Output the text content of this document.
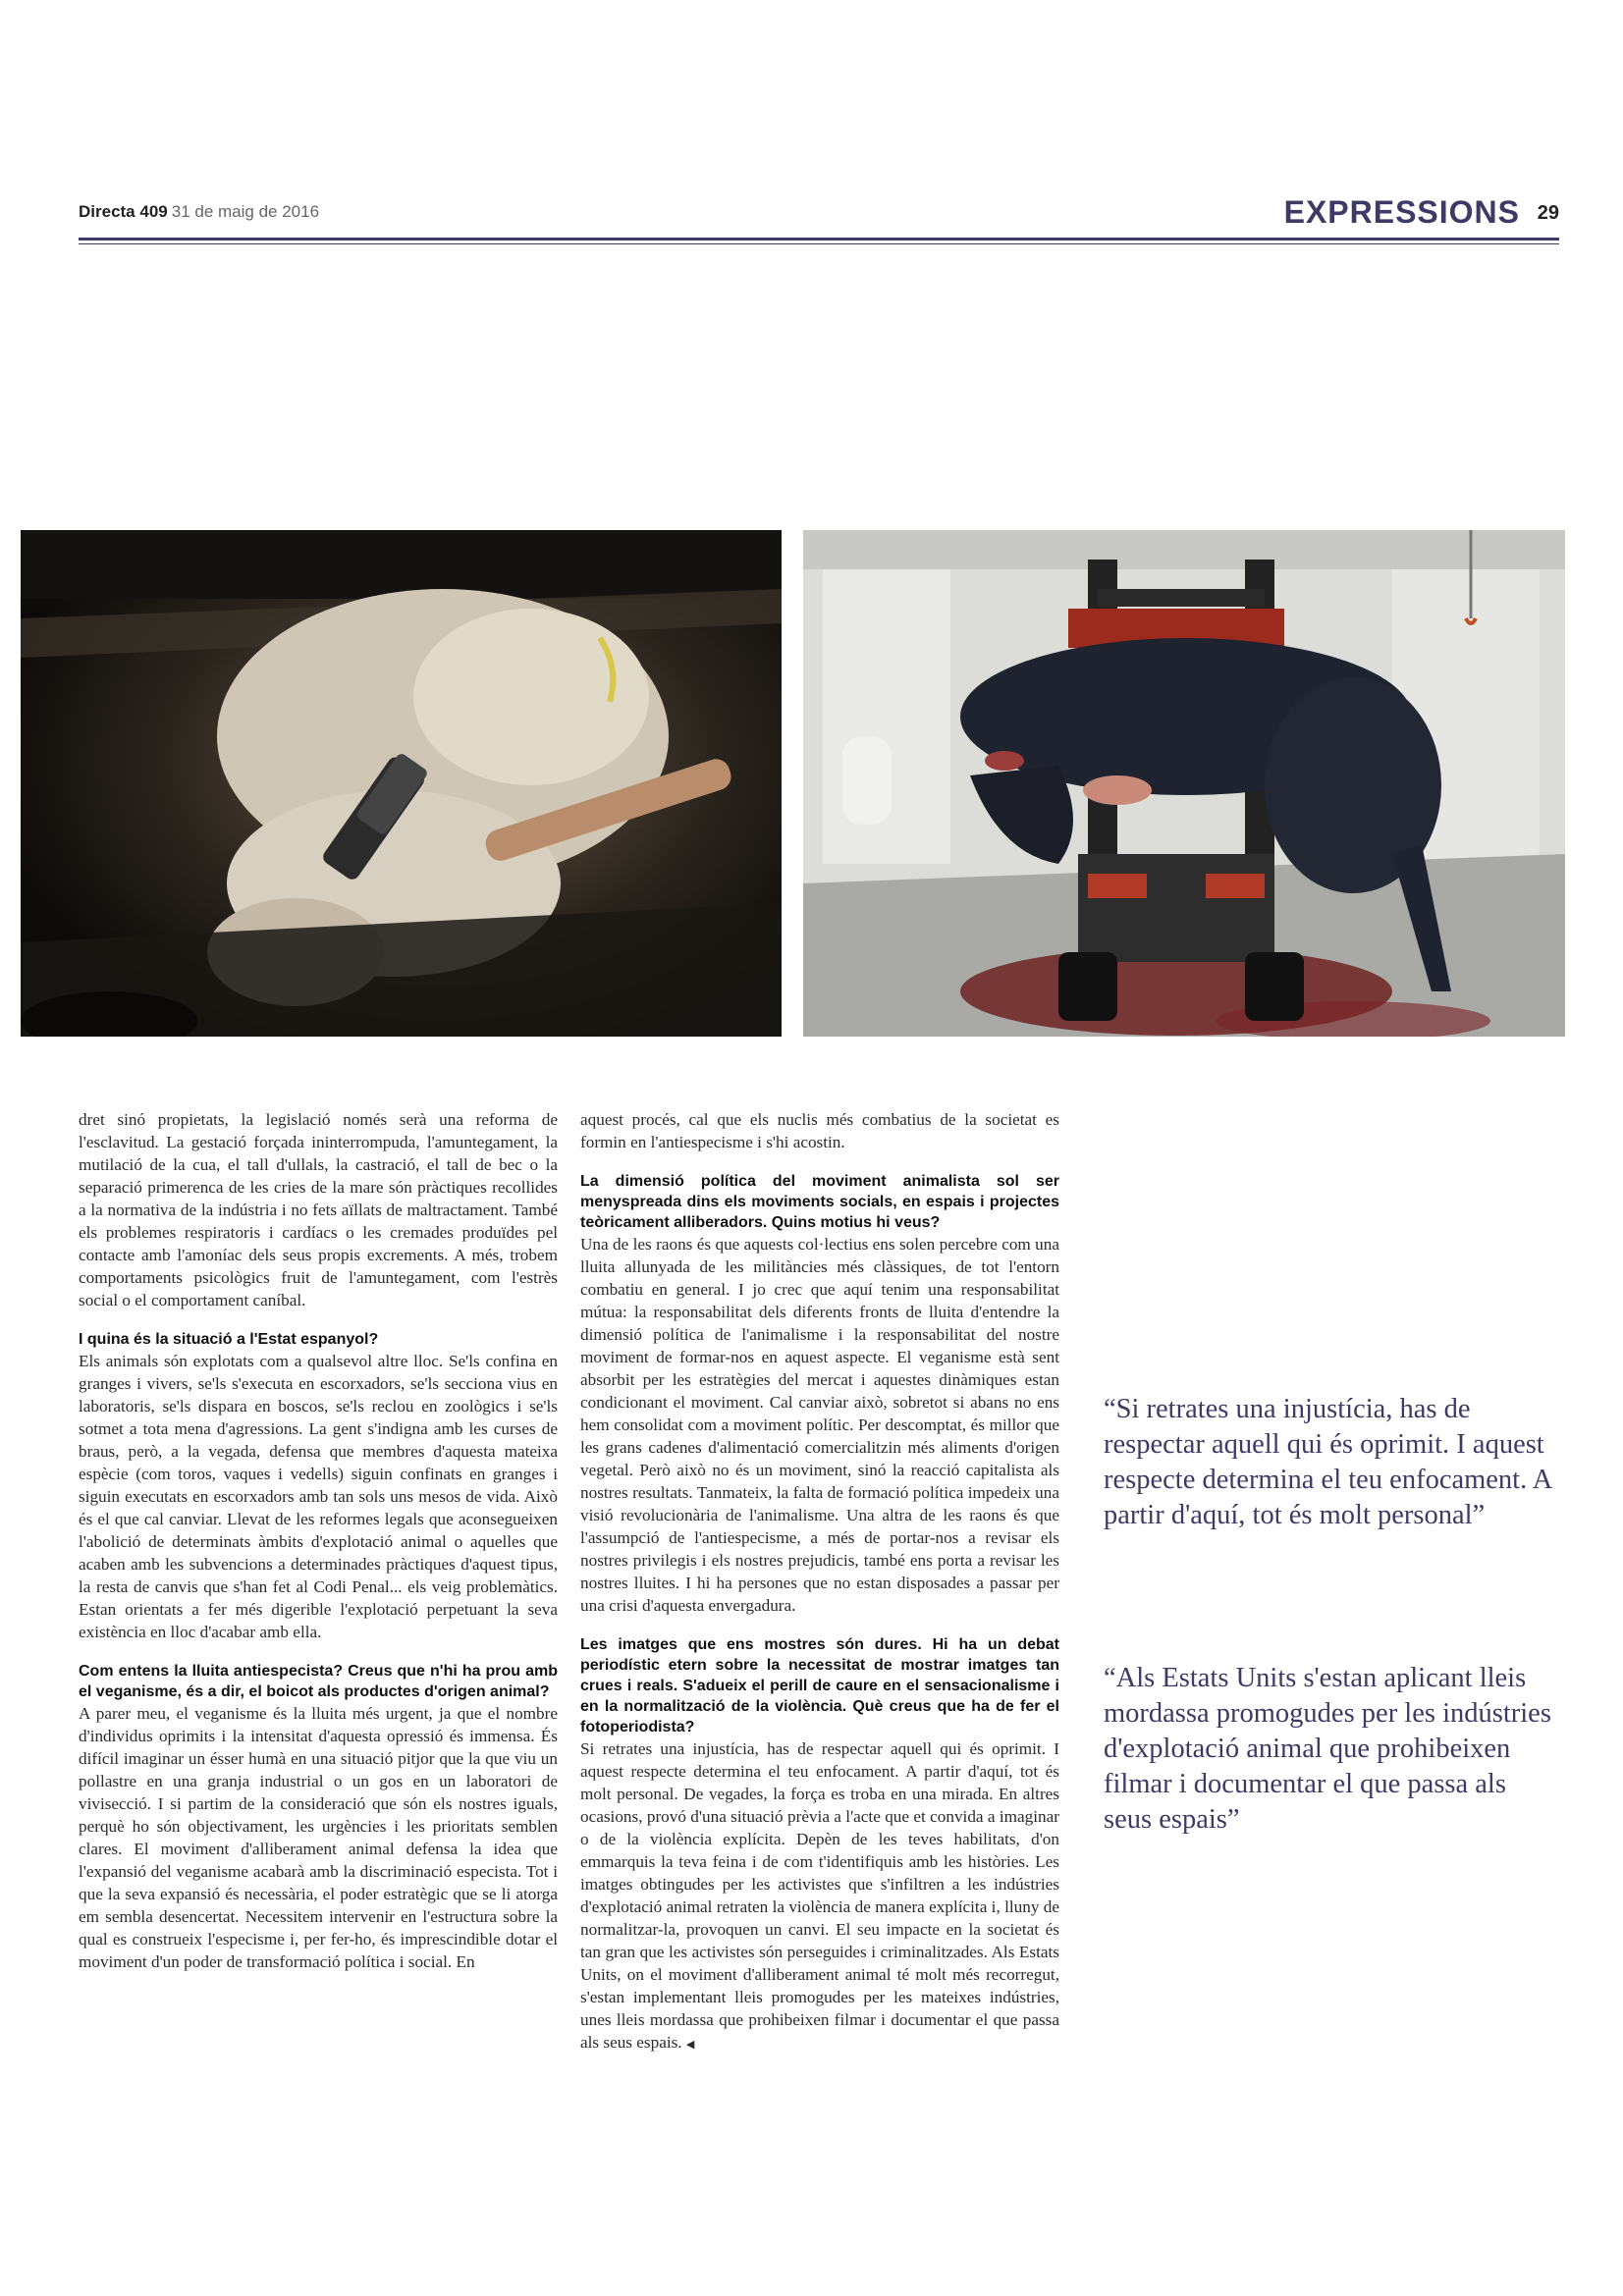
Directa 409 31 de maig de 2016	EXPRESSIONS 29

dret sinó propietats, la legislació només serà una reforma de l'esclavitud. La gestació forçada ininterrompuda, l'amuntegament, la mutilació de la cua, el tall d'ullals, la castració, el tall de bec o la separació primerenca de les cries de la mare són pràctiques recollides a la normativa de la indústria i no fets aïllats de maltractament. També els problemes respiratoris i cardíacs o les cremades produïdes pel contacte amb l'amoníac dels seus propis excrements. A més, trobem comportaments psicològics fruit de l'amuntegament, com l'estrès social o el comportament caníbal.

I quina és la situació a l'Estat espanyol?

Els animals són explotats com a qualsevol altre lloc. Se'ls confina en granges i vivers, se'ls s'executa en escorxadors, se'ls secciona vius en laboratoris, se'ls dispara en boscos, se'ls reclou en zoològics i se'ls sotmet a tota mena d'agressions. La gent s'indigna amb les curses de braus, però, a la vegada, defensa que membres d'aquesta mateixa espècie (com toros, vaques i vedells) siguin confinats en granges i siguin executats en escorxadors amb tan sols uns mesos de vida. Això és el que cal canviar. Llevat de les reformes legals que aconsegueixen l'abolició de determinats àmbits d'explotació animal o aquelles que acaben amb les subvencions a determinades pràctiques d'aquest tipus, la resta de canvis que s'han fet al Codi Penal... els veig problemàtics. Estan orientats a fer més digerible l'explotació perpetuant la seva existència en lloc d'acabar amb ella.

Com entens la lluita antiespecista? Creus que n'hi ha prou amb el veganisme, és a dir, el boicot als productes d'origen animal?

A parer meu, el veganisme és la lluita més urgent, ja que el nombre d'individus oprimits i la intensitat d'aquesta opressió és immensa. És difícil imaginar un ésser humà en una situació pitjor que la que viu un pollastre en una granja industrial o un gos en un laboratori de vivisecció. I si partim de la consideració que són els nostres iguals, perquè ho són objectivament, les urgències i les prioritats semblen clares. El moviment d'alliberament animal defensa la idea que l'expansió del veganisme acabarà amb la discriminació especista. Tot i que la seva expansió és necessària, el poder estratègic que se li atorga em sembla desencertat. Necessitem intervenir en l'estructura sobre la qual es construeix l'especisme i, per fer-ho, és imprescindible dotar el moviment d'un poder de transformació política i social. En

aquest procés, cal que els nuclis més combatius de la societat es formin en l'antiespecisme i s'hi acostin.

La dimensió política del moviment animalista sol ser menyspreada dins els moviments socials, en espais i projectes teòricament alliberadors. Quins motius hi veus?

Una de les raons és que aquests col·lectius ens solen percebre com una lluita allunyada de les militàncies més clàssiques, de tot l'entorn combatiu en general. I jo crec que aquí tenim una responsabilitat mútua: la responsabilitat dels diferents fronts de lluita d'entendre la dimensió política de l'animalisme i la responsabilitat del nostre moviment de formar-nos en aquest aspecte. El veganisme està sent absorbit per les estratègies del mercat i aquestes dinàmiques estan condicionant el moviment. Cal canviar això, sobretot si abans no ens hem consolidat com a moviment polític. Per descomptat, és millor que les grans cadenes d'alimentació comercialitzin més aliments d'origen vegetal. Però això no és un moviment, sinó la reacció capitalista als nostres resultats. Tanmateix, la falta de formació política impedeix una visió revolucionària de l'animalisme. Una altra de les raons és que l'assumpció de l'antiespecisme, a més de portar-nos a revisar els nostres privilegis i els nostres prejudicis, també ens porta a revisar les nostres lluites. I hi ha persones que no estan disposades a passar per una crisi d'aquesta envergadura.

Les imatges que ens mostres són dures. Hi ha un debat periodístic etern sobre la necessitat de mostrar imatges tan crues i reals. S'adueix el perill de caure en el sensacionalisme i en la normalització de la violència. Què creus que ha de fer el fotoperiodista?

Si retrates una injustícia, has de respectar aquell qui és oprimit. I aquest respecte determina el teu enfocament. A partir d'aquí, tot és molt personal. De vegades, la força es troba en una mirada. En altres ocasions, provó d'una situació prèvia a l'acte que et convida a imaginar o de la violència explícita. Depèn de les teves habilitats, d'on emmarquis la teva feina i de com t'identifiquis amb les històries. Les imatges obtingudes per les activistes que s'infiltren a les indústries d'explotació animal retraten la violència de manera explícita i, lluny de normalitzar-la, provoquen un canvi. El seu impacte en la societat és tan gran que les activistes són perseguides i criminalitzades. Als Estats Units, on el moviment d'alliberament animal té molt més recorregut, s'estan implementant lleis promogudes per les mateixes indústries, unes lleis mordassa que prohibeixen filmar i documentar el que passa als seus espais. ◀

“Si retrates una injustícia, has de respectar aquell qui és oprimit. I aquest respecte determina el teu enfocament. A partir d'aquí, tot és molt personal”
“Als Estats Units s'estan aplicant lleis mordassa promogudes per les indústries d'explotació animal que prohibeixen filmar i documentar el que passa als seus espais”
